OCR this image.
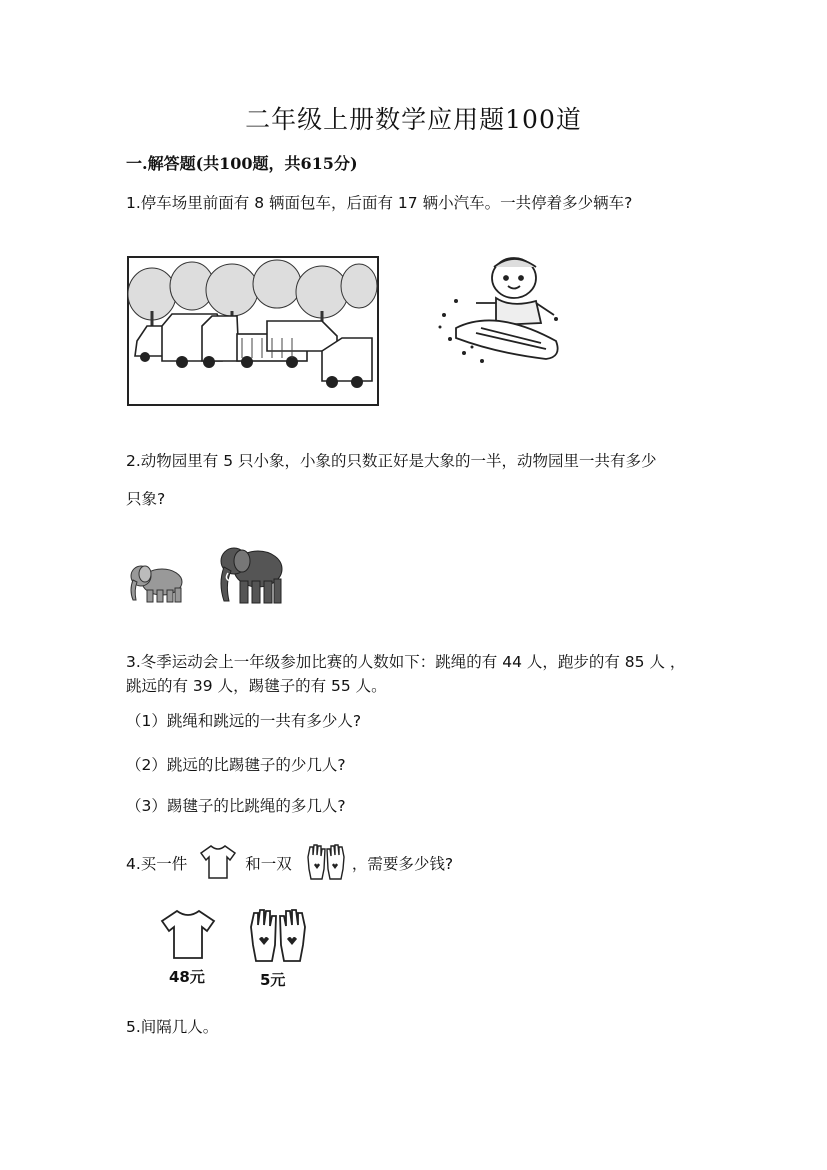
二年级上册数学应用题100道
一.解答题(共100题，共615分)
1.停车场里前面有 8 辆面包车，后面有 17 辆小汽车。一共停着多少辆车?
2.动物园里有 5 只小象，小象的只数正好是大象的一半，动物园里一共有多少
只象?
3.冬季运动会上一年级参加比赛的人数如下：跳绳的有 44 人，跑步的有 85 人 ，跳远的有 39 人，踢毽子的有 55 人。
（1）跳绳和跳远的一共有多少人?
（2）跳远的比踢毽子的少几人?
（3）踢毽子的比跳绳的多几人?
4.买一件	和一双	，需要多少钱?
48元	5元
5.间隔几人。
